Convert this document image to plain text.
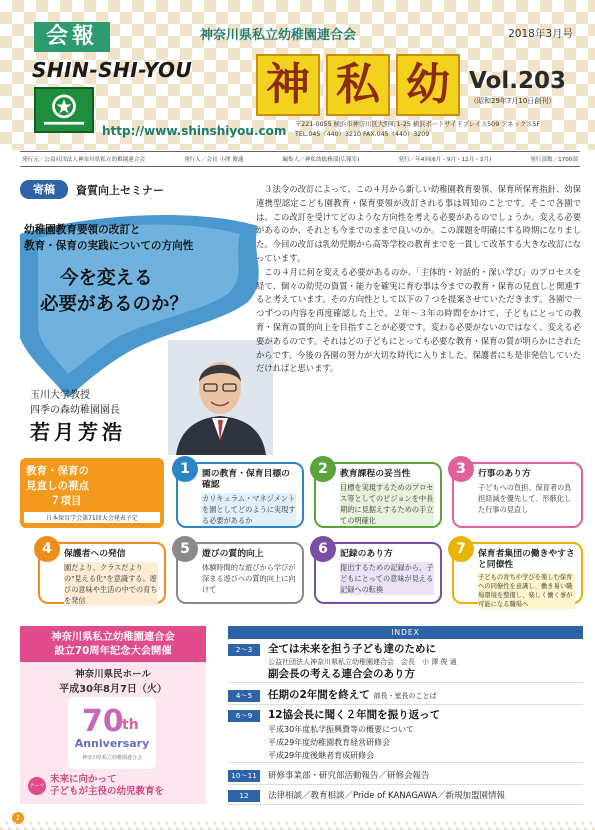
会報	神奈川県私立幼稚園連合会	2018年3月号
SHIN-SHI-YOU 神 私 幼 Vol.203
（昭和29年7月10日創刊）
http://www.shinshiyou.com 〒221-0055 横浜市神奈川区大野町1-25 横浜ポートサイドプレイス509 アネックス5F
TEL.045（440）3210 FAX.045（440）3209
発行元／公益社団法人神奈川県私立幼稚園連合会	発行人／会長 小澤 俊通	編集人／神私幼総務部(広報室)	発行／年4回(6月・9月・12月・3月)	発行部数／1700部
寄稿	資質向上セミナー
幼稚園教育要領の改訂と
教育・保育の実践についての方向性
今を変える
必要があるのか？
玉川大学教授
四季の森幼稚園園長
若月芳浩

３法令の改訂によって、この４月から新しい幼稚園教育要領、保育所保育指針、幼保連携型認定こども園教育・保育要領が改訂される事は周知のことです。そこで各園では、この改訂を受けてどのような方向性を考える必要があるのでしょうか。変える必要があるのか、それとも今までのままで良いのか。この課題を明確にする時期になりました。今回の改訂は乳幼児期から高等学校の教育までを一貫して改革する大きな改訂になっています。

この４月に何を変える必要があるのか、「主体的・対話的・深い学び」のプロセスを経て、個々の幼児の資質・能力を確実に育む事は今までの教育・保育の見直しと関連すると考えています。その方向性として以下の７つを提案させていただきます。各園で一つずつの内容を再度確認した上で、２年～３年の時間をかけて、子どもにとっての教育・保育の質的向上を目指すことが必要です。変わる必要がないのではなく、変える必要があるのです。それはどの子どもにとっても必要な教育・保育の質が明らかにされたからです。今後の各園の努力が大切な時代に入りました。保護者にも是非発信していただければと思います。

教育・保育の
見直しの視点
７項目
日本保育学会第71回大会発表予定
1	園の教育・保育目標の確認
カリキュラム・マネジメントを園としてどのように実現する必要があるか
2	教育課程の妥当性
目標を実現するためのプロセス等としてのビジョンを中長期的に見据えするための手立ての明確化
3	行事のあり方
子どもへの負担、保育者の負担経減を優先して、形骸化した行事の見直し
4	保護者への発信
園だより、クラスだよりの"見える化"を意識する。遊びの意味や生活の中での育ちを発信
5	遊びの質的向上
体験時間的な遊びから学びが深まる遊びへの質的向上に向けて
6	記録のあり方
提出するための記録から、子どもにとっての意味が見える記録への転換
7	保育者集団の働きやすさと同僚性
子どもの育ちや学びを楽しむ保育への同僚性を意識し、働き易い職場環境を整備し、楽しく働く事が可能になる職場へ
神奈川県私立幼稚園連合会
設立70周年記念大会開催
神奈川県民ホール
平成30年8月7日（火）
70
th
Anniversary
神奈川県私立幼稚園連合会
テーマ
未来に向かって
子どもが主役の幼児教育を
INDEX
2～3	全ては未来を担う子ども達のために
公益社団法人神奈川県私立幼稚園連合会　会長　小 澤 俊 通
副会長の考える連合会のあり方
4～5	任期の2年間を終えて 部長・室長のことば
6～9	12協会長に聞く２年間を振り返って
平成30年度私学振興費等の概要について
平成29年度幼稚園教育経営研修会
平成29年度後継者育成研修会
10～11	研修事業部・研究部活動報告／研修会報告
12	法律相談／教育相談／Pride of KANAGAWA／新規加盟園情報
1
